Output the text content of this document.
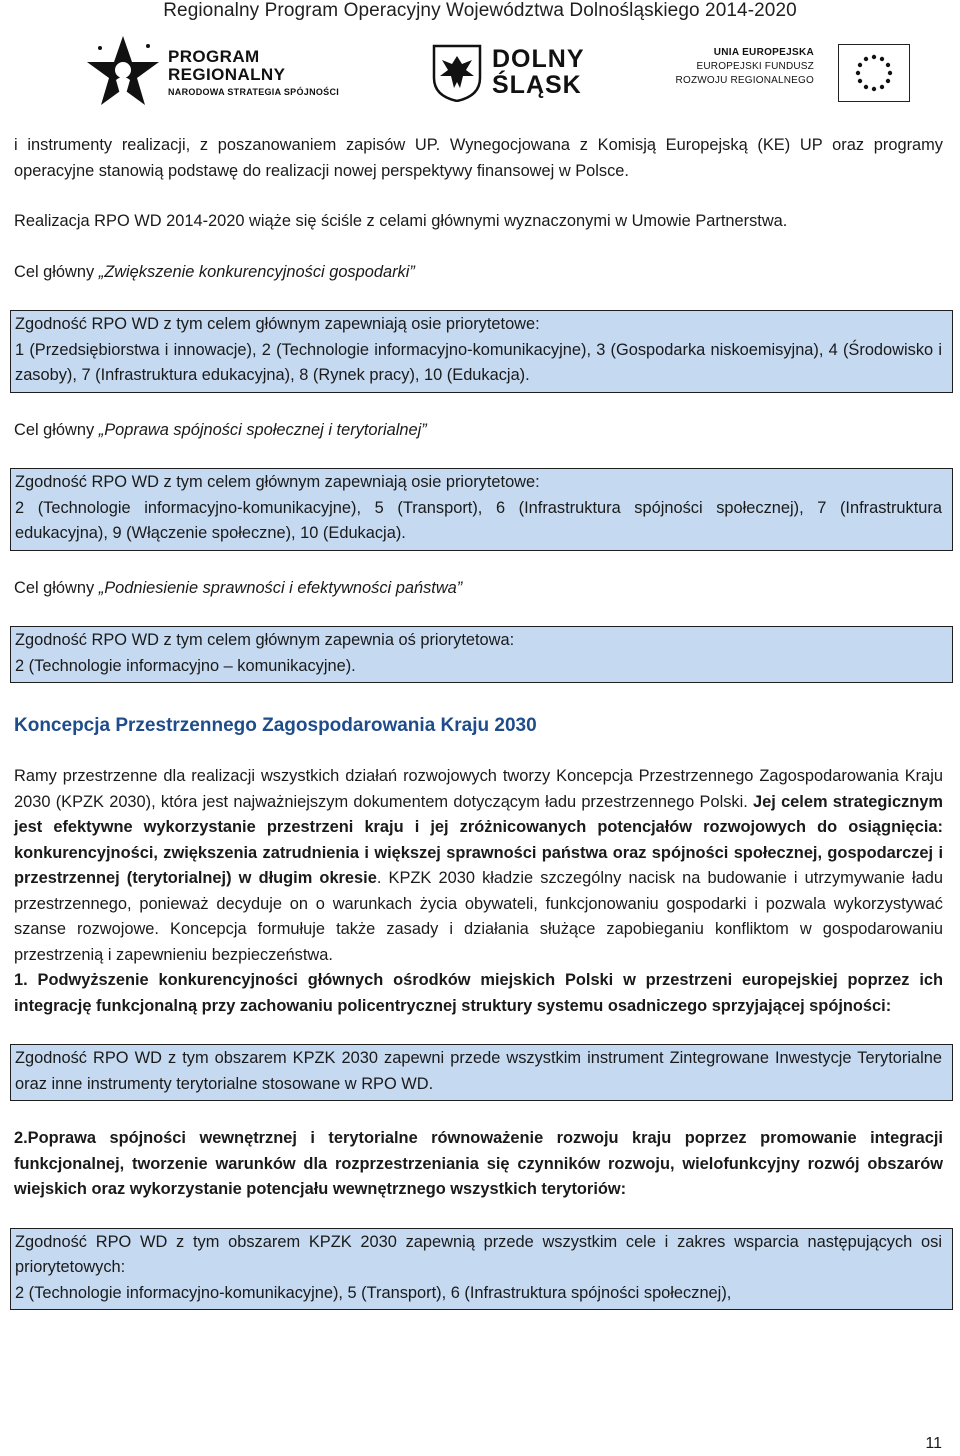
Regionalny Program Operacyjny Województwa Dolnośląskiego 2014-2020
PROGRAM
REGIONALNY
NARODOWA STRATEGIA SPÓJNOŚCI
DOLNY
ŚLĄSK
UNIA EUROPEJSKA
EUROPEJSKI FUNDUSZ
ROZWOJU REGIONALNEGO

i instrumenty realizacji, z poszanowaniem zapisów UP. Wynegocjowana z Komisją Europejską (KE) UP oraz programy operacyjne stanowią podstawę do realizacji nowej perspektywy finansowej w Polsce.

Realizacja RPO WD 2014-2020 wiąże się ściśle z celami głównymi wyznaczonymi w Umowie Partnerstwa.

Cel główny „Zwiększenie konkurencyjności gospodarki”

Zgodność RPO WD z tym celem głównym zapewniają osie priorytetowe:

1 (Przedsiębiorstwa i innowacje), 2 (Technologie informacyjno-komunikacyjne), 3 (Gospodarka niskoemisyjna), 4 (Środowisko i zasoby), 7 (Infrastruktura edukacyjna), 8 (Rynek pracy), 10 (Edukacja).

Cel główny „Poprawa spójności społecznej i terytorialnej”

Zgodność RPO WD z tym celem głównym zapewniają osie priorytetowe:

2 (Technologie informacyjno-komunikacyjne), 5 (Transport), 6 (Infrastruktura spójności społecznej), 7 (Infrastruktura edukacyjna), 9 (Włączenie społeczne), 10 (Edukacja).

Cel główny „Podniesienie sprawności i efektywności państwa”

Zgodność RPO WD z tym celem głównym zapewnia oś priorytetowa:

2 (Technologie informacyjno – komunikacyjne).

Koncepcja Przestrzennego Zagospodarowania Kraju 2030

Ramy przestrzenne dla realizacji wszystkich działań rozwojowych tworzy Koncepcja Przestrzennego Zagospodarowania Kraju 2030 (KPZK 2030), która jest najważniejszym dokumentem dotyczącym ładu przestrzennego Polski. Jej celem strategicznym jest efektywne wykorzystanie przestrzeni kraju i jej zróżnicowanych potencjałów rozwojowych do osiągnięcia: konkurencyjności, zwiększenia zatrudnienia i większej sprawności państwa oraz spójności społecznej, gospodarczej i przestrzennej (terytorialnej) w długim okresie. KPZK 2030 kładzie szczególny nacisk na budowanie i utrzymywanie ładu przestrzennego, ponieważ decyduje on o warunkach życia obywateli, funkcjonowaniu gospodarki i pozwala wykorzystywać szanse rozwojowe. Koncepcja formułuje także zasady i działania służące zapobieganiu konfliktom w gospodarowaniu przestrzenią i zapewnieniu bezpieczeństwa.

1. Podwyższenie konkurencyjności głównych ośrodków miejskich Polski w przestrzeni europejskiej poprzez ich integrację funkcjonalną przy zachowaniu policentrycznej struktury systemu osadniczego sprzyjającej spójności:

Zgodność RPO WD z tym obszarem KPZK 2030 zapewni przede wszystkim instrument Zintegrowane Inwestycje Terytorialne oraz inne instrumenty terytorialne stosowane w RPO WD.

2.Poprawa spójności wewnętrznej i terytorialne równoważenie rozwoju kraju poprzez promowanie integracji funkcjonalnej, tworzenie warunków dla rozprzestrzeniania się czynników rozwoju, wielofunkcyjny rozwój obszarów wiejskich oraz wykorzystanie potencjału wewnętrznego wszystkich terytoriów:

Zgodność RPO WD z tym obszarem KPZK 2030 zapewnią przede wszystkim cele i zakres wsparcia następujących osi priorytetowych:

2 (Technologie informacyjno-komunikacyjne), 5 (Transport), 6 (Infrastruktura spójności społecznej),

11
